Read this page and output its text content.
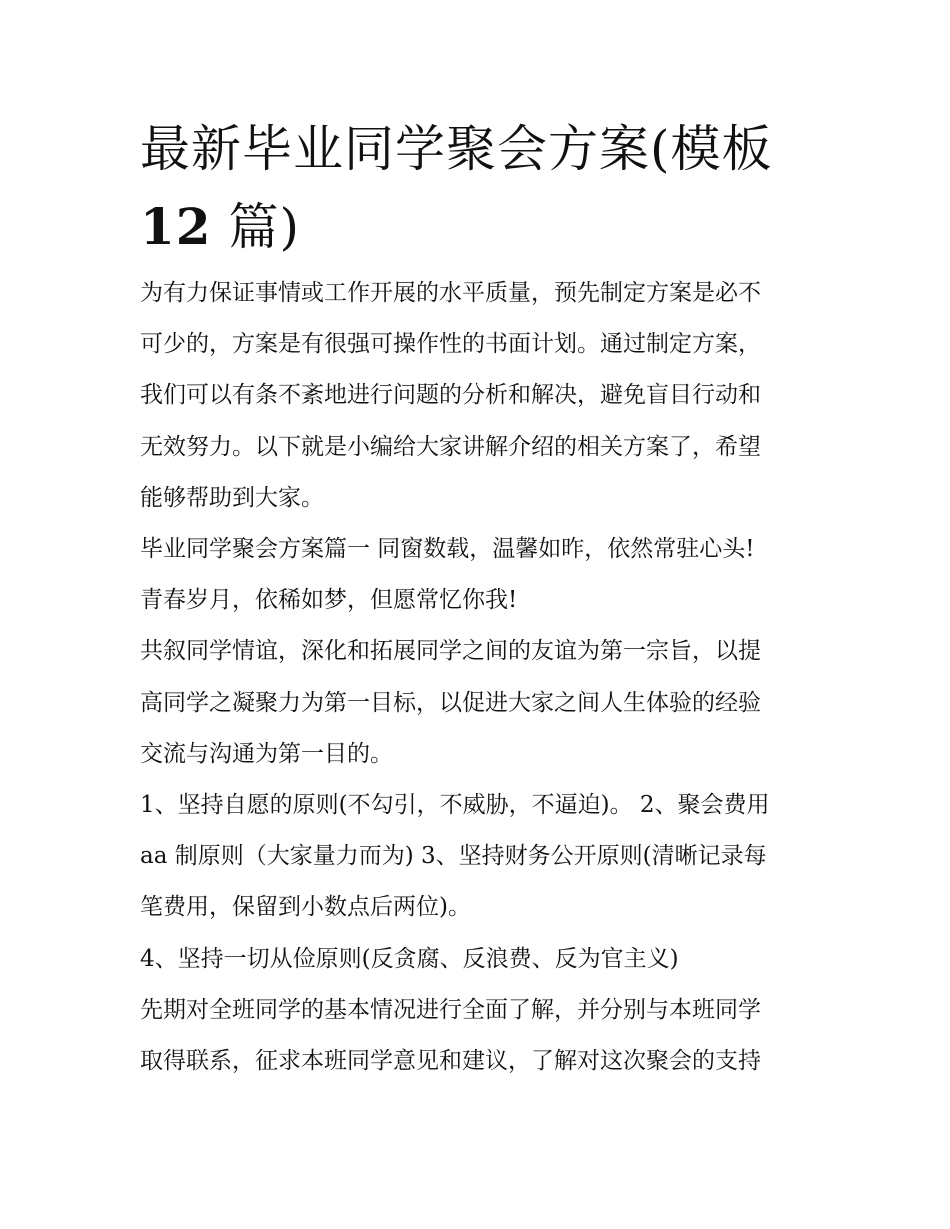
最新毕业同学聚会方案(模板
12 篇)

为有力保证事情或工作开展的水平质量，预先制定方案是必不
可少的，方案是有很强可操作性的书面计划。通过制定方案，
我们可以有条不紊地进行问题的分析和解决，避免盲目行动和
无效努力。以下就是小编给大家讲解介绍的相关方案了，希望
能够帮助到大家。

毕业同学聚会方案篇一 同窗数载，温馨如昨，依然常驻心头!

青春岁月，依稀如梦，但愿常忆你我!

共叙同学情谊，深化和拓展同学之间的友谊为第一宗旨，以提
高同学之凝聚力为第一目标，以促进大家之间人生体验的经验
交流与沟通为第一目的。

1、坚持自愿的原则(不勾引，不威胁，不逼迫)。 2、聚会费用
aa 制原则（大家量力而为) 3、坚持财务公开原则(清晰记录每
笔费用，保留到小数点后两位)。

4、坚持一切从俭原则(反贪腐、反浪费、反为官主义)

先期对全班同学的基本情况进行全面了解，并分别与本班同学
取得联系，征求本班同学意见和建议，了解对这次聚会的支持
